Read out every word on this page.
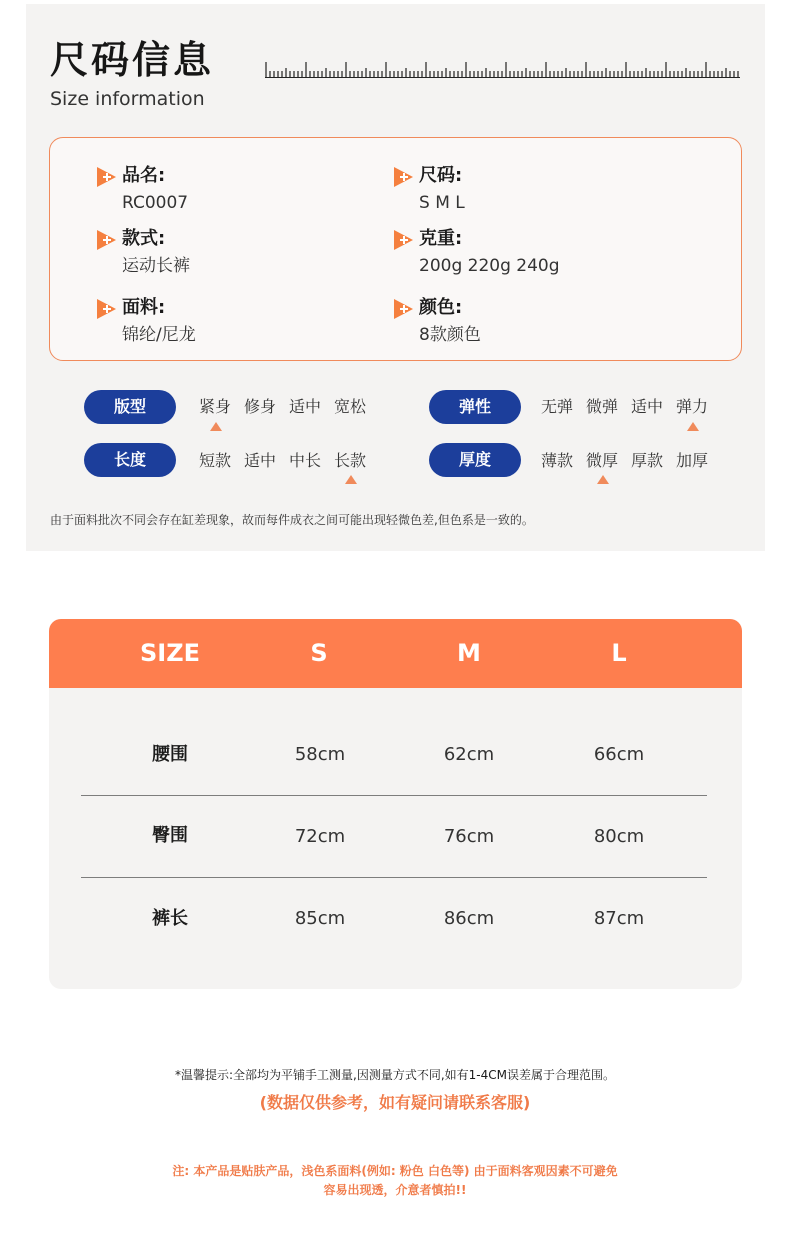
尺码信息
Size information
品名:
RC0007
款式:
运动长裤
面料:
锦纶/尼龙
尺码:
S M L
克重:
200g 220g 240g
颜色:
8款颜色
版型	紧身 修身 适中 宽松	弹性	无弹 微弹 适中 弹力
长度	短款 适中 中长 长款	厚度	薄款 微厚 厚款 加厚
由于面料批次不同会存在缸差现象，故而每件成衣之间可能出现轻微色差,但色系是一致的。
SIZE	S	M	L
腰围	58cm	62cm	66cm
臀围	72cm	76cm	80cm
裤长	85cm	86cm	87cm
*温馨提示:全部均为平铺手工测量,因测量方式不同,如有1-4CM误差属于合理范围。
(数据仅供参考，如有疑问请联系客服)
注: 本产品是贴肤产品，浅色系面料(例如: 粉色 白色等) 由于面料客观因素不可避免
容易出现透，介意者慎拍!!
